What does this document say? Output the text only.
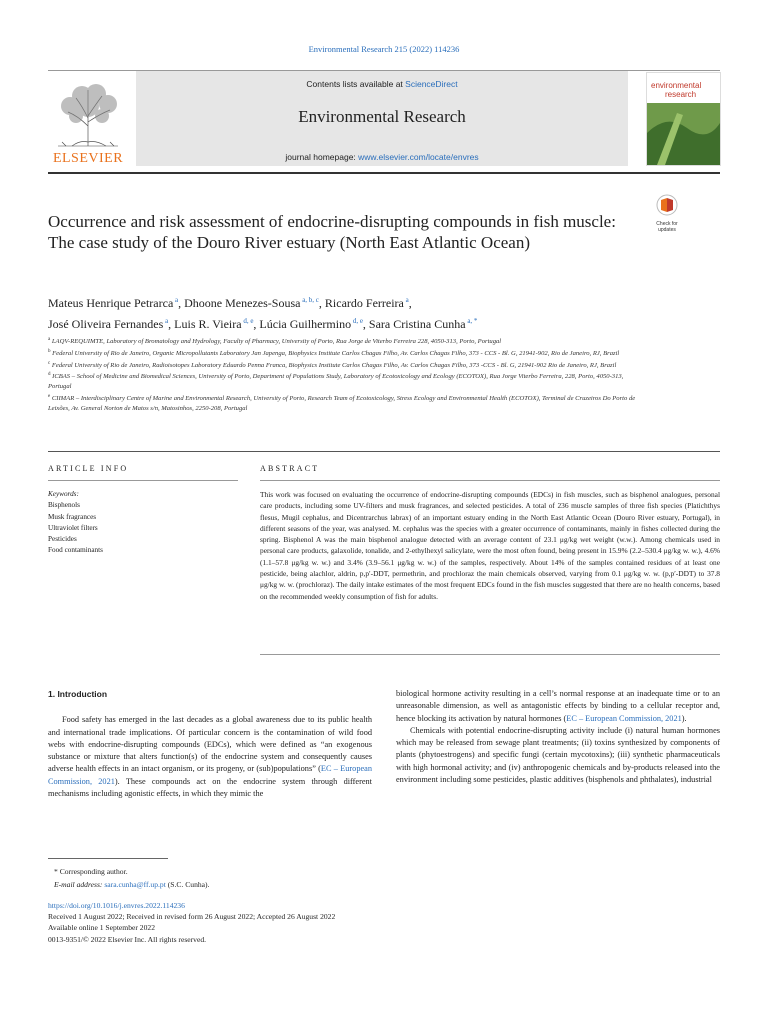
Environmental Research 215 (2022) 114236
ELSEVIER
Contents lists available at ScienceDirect
Environmental Research
journal homepage: www.elsevier.com/locate/envres
environmental
research
Check for
updates
Occurrence and risk assessment of endocrine-disrupting compounds in fish muscle: The case study of the Douro River estuary (North East Atlantic Ocean)
Mateus Henrique Petrarca $^a$, Dhoone Menezes-Sousa $^{a, b, c}$, Ricardo Ferreira $^a$,
José Oliveira Fernandes $^a$, Luis R. Vieira $^{d, e}$, Lúcia Guilhermino $^{d, e}$, Sara Cristina Cunha $^{a, *}$

$^a$ LAQV-REQUIMTE, Laboratory of Bromatology and Hydrology, Faculty of Pharmacy, University of Porto, Rua Jorge de Viterbo Ferreira 228, 4050-313, Porto, Portugal

$^b$ Federal University of Rio de Janeiro, Organic Micropollutants Laboratory Jan Japenga, Biophysics Institute Carlos Chagas Filho, Av. Carlos Chagas Filho, 373 - CCS - Bl. G, 21941-902, Rio de Janeiro, RJ, Brazil

$^c$ Federal University of Rio de Janeiro, Radioisotopes Laboratory Eduardo Penna Franca, Biophysics Institute Carlos Chagas Filho, Av. Carlos Chagas Filho, 373 -CCS - Bl. G, 21941-902 Rio de Janeiro, RJ, Brazil

$^d$ ICBAS – School of Medicine and Biomedical Sciences, University of Porto, Department of Populations Study, Laboratory of Ecotoxicology and Ecology (ECOTOX), Rua Jorge Viterbo Ferreira, 228, Porto, 4050-313, Portugal

$^e$ CIIMAR – Interdisciplinary Centre of Marine and Environmental Research, University of Porto, Research Team of Ecotoxicology, Stress Ecology and Environmental Health (ECOTOX), Terminal de Cruzeiros Do Porto de Leixões, Av. General Norton de Matos s/n, Matosinhos, 2250-208, Portugal

ARTICLE INFO	ABSTRACT
Keywords:
Bisphenols
Musk fragrances
Ultraviolet filters
Pesticides
Food contaminants
This work was focused on evaluating the occurrence of endocrine-disrupting compounds (EDCs) in fish muscles, such as bisphenol analogues, personal care products, including some UV-filters and musk fragrances, and selected pesticides. A total of 236 muscle samples of three fish species (Platichthys flesus, Mugil cephalus, and Dicentrarchus labrax) of an important estuary ending in the North East Atlantic Ocean (Douro River estuary, Portugal), in different seasons of the year, was analysed. M. cephalus was the species with a greater occurrence of contaminants, mainly in fishes collected during the spring. Bisphenol A was the main bisphenol analogue detected with an average content of 23.1 μg/kg wet weight (w.w.). Among chemicals used in personal care products, galaxolide, tonalide, and 2-ethylhexyl salicylate, were the most often found, being present in 15.9% (2.2–530.4 μg/kg w. w.), 4.6% (1.1–57.8 μg/kg w. w.) and 3.4% (3.9–56.1 μg/kg w. w.) of the samples, respectively. About 14% of the samples contained residues of at least one pesticide, being alachlor, aldrin, p,p′-DDT, permethrin, and prochloraz the main chemicals observed, varying from 0.1 μg/kg w. w. (p,p′-DDT) to 37.8 μg/kg w. w. (prochloraz). The daily intake estimates of the most frequent EDCs found in the fish muscles suggested that there are no health concerns, based on the recommended weekly consumption of fish for adults.
1. Introduction

Food safety has emerged in the last decades as a global awareness due to its public health and international trade implications. Of particular concern is the contamination of wild food webs with endocrine-disrupting compounds (EDCs), which were defined as “an exogenous substance or mixture that alters function(s) of the endocrine system and consequently causes adverse health effects in an intact organism, or its progeny, or (sub)populations” (EC – European Commission, 2021). These compounds act on the endocrine system through different mechanisms including agonistic effects, in which they mimic the

biological hormone activity resulting in a cell’s normal response at an inadequate time or to an unreasonable dimension, as well as antagonistic effects by binding to a cellular receptor and, hence blocking its activation by natural hormones (EC – European Commission, 2021).

Chemicals with potential endocrine-disrupting activity include (i) natural human hormones which may be released from sewage plant treatments; (ii) toxins synthesized by components of plants (phytoestrogens) and specific fungi (certain mycotoxins); (iii) synthetic pharmaceuticals with high hormonal activity; and (iv) anthropogenic chemicals and by-products released into the environment including some pesticides, plastic additives (bisphenols and phthalates), industrial

* Corresponding author.
E-mail address: sara.cunha@ff.up.pt (S.C. Cunha).
https://doi.org/10.1016/j.envres.2022.114236
Received 1 August 2022; Received in revised form 26 August 2022; Accepted 26 August 2022
Available online 1 September 2022
0013-9351/© 2022 Elsevier Inc. All rights reserved.
